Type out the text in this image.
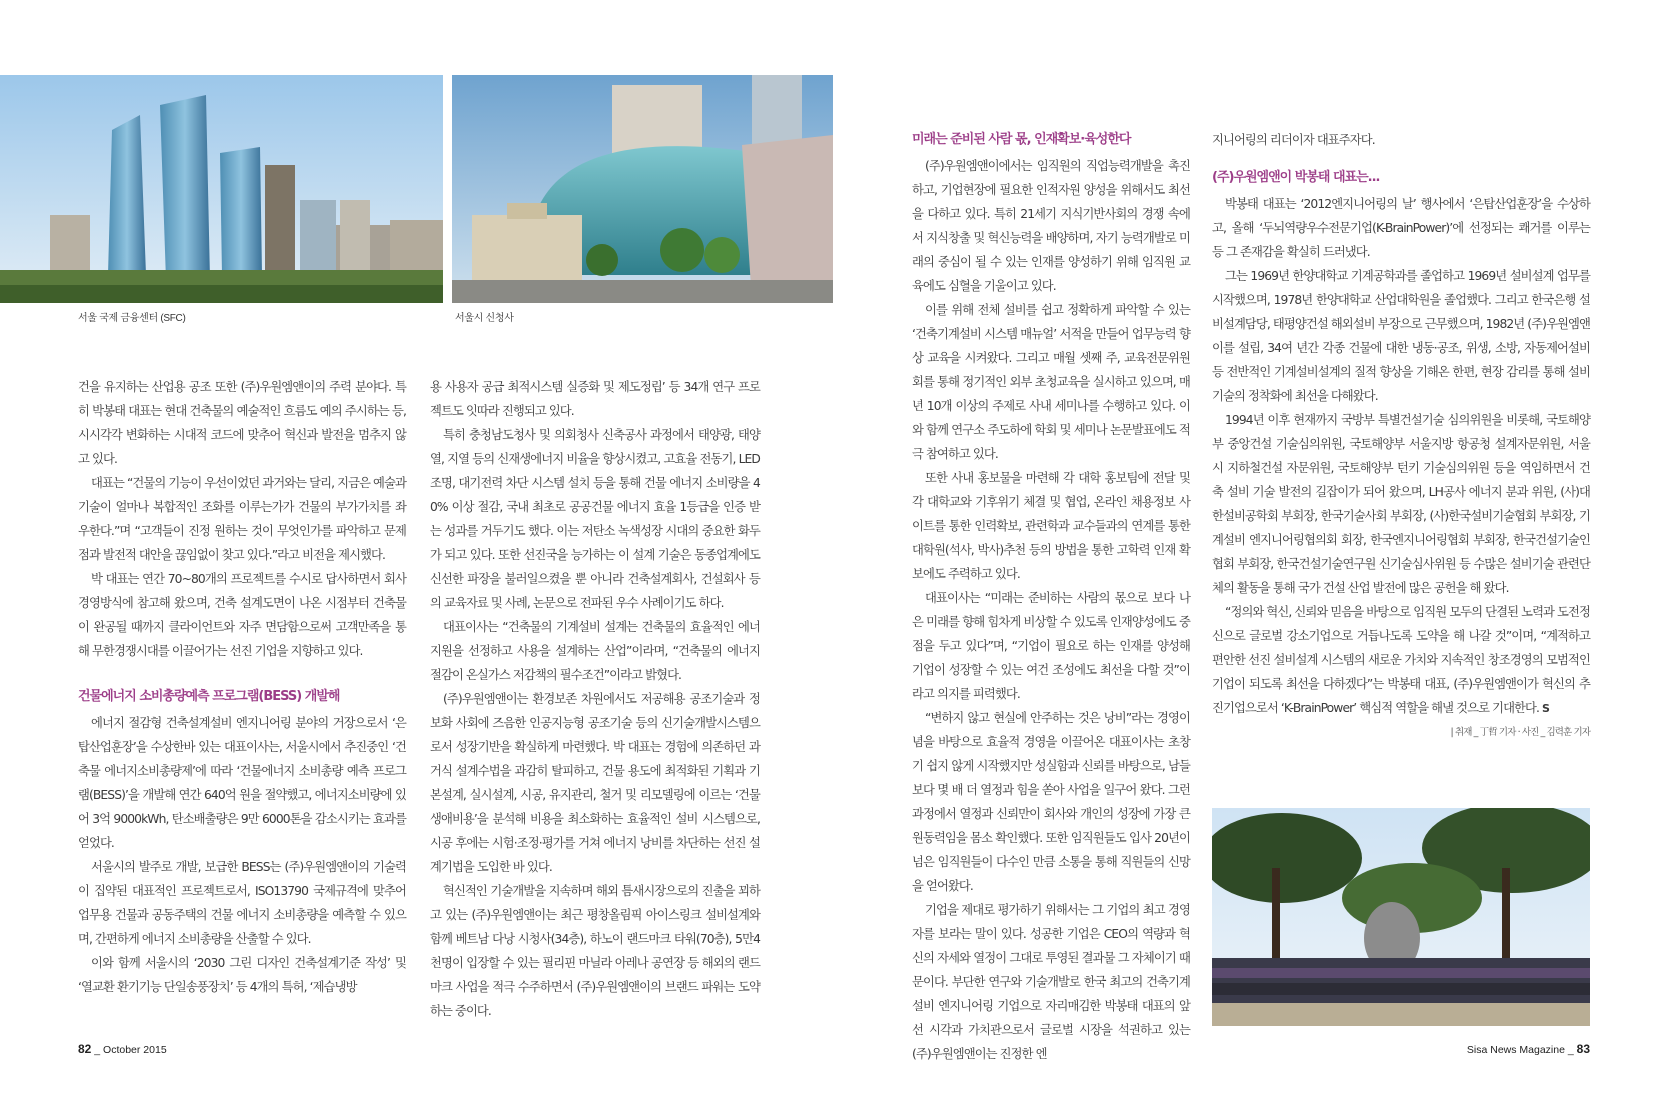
서울 국제 금융센터 (SFC)	서울시 신청사

건을 유지하는 산업용 공조 또한 (주)우원엠앤이의 주력 분야다. 특히 박봉태 대표는 현대 건축물의 예술적인 흐름도 예의 주시하는 등, 시시각각 변화하는 시대적 코드에 맞추어 혁신과 발전을 멈추지 않고 있다.

대표는 “건물의 기능이 우선이었던 과거와는 달리, 지금은 예술과 기술이 얼마나 복합적인 조화를 이루는가가 건물의 부가가치를 좌우한다.”며 “고객들이 진정 원하는 것이 무엇인가를 파악하고 문제점과 발전적 대안을 끊임없이 찾고 있다.”라고 비전을 제시했다.

박 대표는 연간 70~80개의 프로젝트를 수시로 답사하면서 회사 경영방식에 참고해 왔으며, 건축 설계도면이 나온 시점부터 건축물이 완공될 때까지 클라이언트와 자주 면담함으로써 고객만족을 통해 무한경쟁시대를 이끌어가는 선진 기업을 지향하고 있다.

건물에너지 소비총량예측 프로그램(BESS) 개발해

에너지 절감형 건축설계설비 엔지니어링 분야의 거장으로서 ‘은탑산업훈장’을 수상한바 있는 대표이사는, 서울시에서 추진중인 ‘건축물 에너지소비총량제’에 따라 ‘건물에너지 소비총량 예측 프로그램(BESS)’을 개발해 연간 640억 원을 절약했고, 에너지소비량에 있어 3억 9000kWh, 탄소배출량은 9만 6000톤을 감소시키는 효과를 얻었다.

서울시의 발주로 개발, 보급한 BESS는 (주)우원엠앤이의 기술력이 집약된 대표적인 프로젝트로서, ISO13790 국제규격에 맞추어 업무용 건물과 공동주택의 건물 에너지 소비총량을 예측할 수 있으며, 간편하게 에너지 소비총량을 산출할 수 있다.

이와 함께 서울시의 ‘2030 그린 디자인 건축설계기준 작성’ 및 ‘열교환 환기기능 단일송풍장치’ 등 4개의 특허, ‘제습냉방

용 사용자 공급 최적시스템 실증화 및 제도정립’ 등 34개 연구 프로젝트도 잇따라 진행되고 있다.

특히 충청남도청사 및 의회청사 신축공사 과정에서 태양광, 태양열, 지열 등의 신재생에너지 비율을 향상시켰고, 고효율 전동기, LED 조명, 대기전력 차단 시스템 설치 등을 통해 건물 에너지 소비량을 40% 이상 절감, 국내 최초로 공공건물 에너지 효율 1등급을 인증 받는 성과를 거두기도 했다. 이는 저탄소 녹색성장 시대의 중요한 화두가 되고 있다. 또한 선진국을 능가하는 이 설계 기술은 동종업계에도 신선한 파장을 불러일으켰을 뿐 아니라 건축설계회사, 건설회사 등의 교육자료 및 사례, 논문으로 전파된 우수 사례이기도 하다.

대표이사는 “건축물의 기계설비 설계는 건축물의 효율적인 에너지원을 선정하고 사용을 설계하는 산업”이라며, “건축물의 에너지 절감이 온실가스 저감책의 필수조건”이라고 밝혔다.

(주)우원엠앤이는 환경보존 차원에서도 저공해용 공조기술과 정보화 사회에 즈음한 인공지능형 공조기술 등의 신기술개발시스템으로서 성장기반을 확실하게 마련했다. 박 대표는 경험에 의존하던 과거식 설계수법을 과감히 탈피하고, 건물 용도에 최적화된 기획과 기본설계, 실시설계, 시공, 유지관리, 철거 및 리모델링에 이르는 ‘건물생애비용’을 분석해 비용을 최소화하는 효율적인 설비 시스템으로, 시공 후에는 시험·조정·평가를 거쳐 에너지 낭비를 차단하는 선진 설계기법을 도입한 바 있다.

혁신적인 기술개발을 지속하며 해외 틈새시장으로의 진출을 꾀하고 있는 (주)우원엠앤이는 최근 평창올림픽 아이스링크 설비설계와 함께 베트남 다낭 시청사(34층), 하노이 랜드마크 타워(70층), 5만4천명이 입장할 수 있는 필리핀 마닐라 아레나 공연장 등 해외의 랜드마크 사업을 적극 수주하면서 (주)우원엠앤이의 브랜드 파워는 도약하는 중이다.

미래는 준비된 사람 몫, 인재확보·육성한다

(주)우원엠앤이에서는 임직원의 직업능력개발을 촉진하고, 기업현장에 필요한 인적자원 양성을 위해서도 최선을 다하고 있다. 특히 21세기 지식기반사회의 경쟁 속에서 지식창출 및 혁신능력을 배양하며, 자기 능력개발로 미래의 중심이 될 수 있는 인재를 양성하기 위해 임직원 교육에도 심혈을 기울이고 있다.

이를 위해 전체 설비를 쉽고 정확하게 파악할 수 있는 ‘건축기계설비 시스템 매뉴얼’ 서적을 만들어 업무능력 향상 교육을 시켜왔다. 그리고 매월 셋째 주, 교육전문위원회를 통해 정기적인 외부 초청교육을 실시하고 있으며, 매년 10개 이상의 주제로 사내 세미나를 수행하고 있다. 이와 함께 연구소 주도하에 학회 및 세미나 논문발표에도 적극 참여하고 있다.

또한 사내 홍보물을 마련해 각 대학 홍보팀에 전달 및 각 대학교와 기후위기 체결 및 협업, 온라인 채용정보 사이트를 통한 인력확보, 관련학과 교수들과의 연계를 통한 대학원(석사, 박사)추천 등의 방법을 통한 고학력 인재 확보에도 주력하고 있다.

대표이사는 “미래는 준비하는 사람의 몫으로 보다 나은 미래를 향해 힘차게 비상할 수 있도록 인재양성에도 중점을 두고 있다”며, “기업이 필요로 하는 인재를 양성해 기업이 성장할 수 있는 여건 조성에도 최선을 다할 것”이라고 의지를 피력했다.

“변하지 않고 현실에 안주하는 것은 낭비”라는 경영이념을 바탕으로 효율적 경영을 이끌어온 대표이사는 초창기 쉽지 않게 시작했지만 성실함과 신뢰를 바탕으로, 남들보다 몇 배 더 열정과 힘을 쏟아 사업을 일구어 왔다. 그런 과정에서 열정과 신뢰만이 회사와 개인의 성장에 가장 큰 원동력임을 몸소 확인했다. 또한 임직원들도 입사 20년이 넘은 임직원들이 다수인 만큼 소통을 통해 직원들의 신망을 얻어왔다.

기업을 제대로 평가하기 위해서는 그 기업의 최고 경영자를 보라는 말이 있다. 성공한 기업은 CEO의 역량과 혁신의 자세와 열정이 그대로 투영된 결과물 그 자체이기 때문이다. 부단한 연구와 기술개발로 한국 최고의 건축기계설비 엔지니어링 기업으로 자리매김한 박봉태 대표의 앞선 시각과 가치관으로서 글로벌 시장을 석권하고 있는 (주)우원엠앤이는 진정한 엔

지니어링의 리더이자 대표주자다.

(주)우원엠앤이 박봉태 대표는...

박봉태 대표는 ‘2012엔지니어링의 날’ 행사에서 ‘은탑산업훈장’을 수상하고, 올해 ‘두뇌역량우수전문기업(K-BrainPower)’에 선정되는 쾌거를 이루는 등 그 존재감을 확실히 드러냈다.

그는 1969년 한양대학교 기계공학과를 졸업하고 1969년 설비설계 업무를 시작했으며, 1978년 한양대학교 산업대학원을 졸업했다. 그리고 한국은행 설비설계담당, 태평양건설 해외설비 부장으로 근무했으며, 1982년 (주)우원엠앤이를 설립, 34여 년간 각종 건물에 대한 냉동·공조, 위생, 소방, 자동제어설비 등 전반적인 기계설비설계의 질적 향상을 기해온 한편, 현장 감리를 통해 설비기술의 정착화에 최선을 다해왔다.

1994년 이후 현재까지 국방부 특별건설기술 심의위원을 비롯해, 국토해양부 중앙건설 기술심의위원, 국토해양부 서울지방 항공청 설계자문위원, 서울시 지하철건설 자문위원, 국토해양부 턴키 기술심의위원 등을 역임하면서 건축 설비 기술 발전의 길잡이가 되어 왔으며, LH공사 에너지 분과 위원, (사)대한설비공학회 부회장, 한국기술사회 부회장, (사)한국설비기술협회 부회장, 기계설비 엔지니어링협의회 회장, 한국엔지니어링협회 부회장, 한국건설기술인협회 부회장, 한국건설기술연구원 신기술심사위원 등 수많은 설비기술 관련단체의 활동을 통해 국가 건설 산업 발전에 많은 공헌을 해 왔다.

“정의와 혁신, 신뢰와 믿음을 바탕으로 임직원 모두의 단결된 노력과 도전정신으로 글로벌 강소기업으로 거듭나도록 도약을 해 나갈 것”이며, “계적하고 편안한 선진 설비설계 시스템의 새로운 가치와 지속적인 창조경영의 모범적인 기업이 되도록 최선을 다하겠다”는 박봉태 대표, (주)우원엠앤이가 혁신의 추진기업으로서 ‘K-BrainPower’ 핵심적 역할을 해낼 것으로 기대한다. S

| 취재 _ 丁哲 기자 · 사진 _ 김력훈 기자

82 _ October 2015	Sisa News Magazine _ 83
